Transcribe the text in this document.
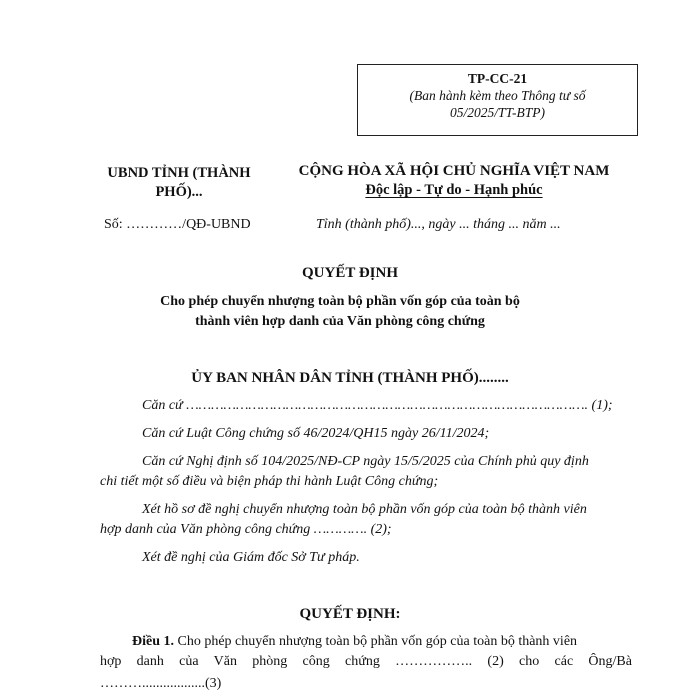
TP-CC-21
(Ban hành kèm theo Thông tư số
05/2025/TT-BTP)
UBND TỈNH (THÀNH
PHỐ)...
Số: …………/QĐ-UBND
CỘNG HÒA XÃ HỘI CHỦ NGHĨA VIỆT NAM
Độc lập - Tự do - Hạnh phúc
Tỉnh (thành phố)..., ngày ... tháng ... năm ...
QUYẾT ĐỊNH
Cho phép chuyển nhượng toàn bộ phần vốn góp của toàn bộ
thành viên hợp danh của Văn phòng công chứng
ỦY BAN NHÂN DÂN TỈNH (THÀNH PHỐ)........
Căn cứ ……………………………………………………………………………………. (1);
Căn cứ Luật Công chứng số 46/2024/QH15 ngày 26/11/2024;
Căn cứ Nghị định số 104/2025/NĐ-CP ngày 15/5/2025 của Chính phủ quy định
chi tiết một số điều và biện pháp thi hành Luật Công chứng;
Xét hồ sơ đề nghị chuyển nhượng toàn bộ phần vốn góp của toàn bộ thành viên
hợp danh của Văn phòng công chứng …………. (2);
Xét đề nghị của Giám đốc Sở Tư pháp.
QUYẾT ĐỊNH:
Điều 1. Cho phép chuyển nhượng toàn bộ phần vốn góp của toàn bộ thành viên
hợp danh của Văn phòng công chứng …………….. (2) cho các Ông/Bà
………..................(3)
